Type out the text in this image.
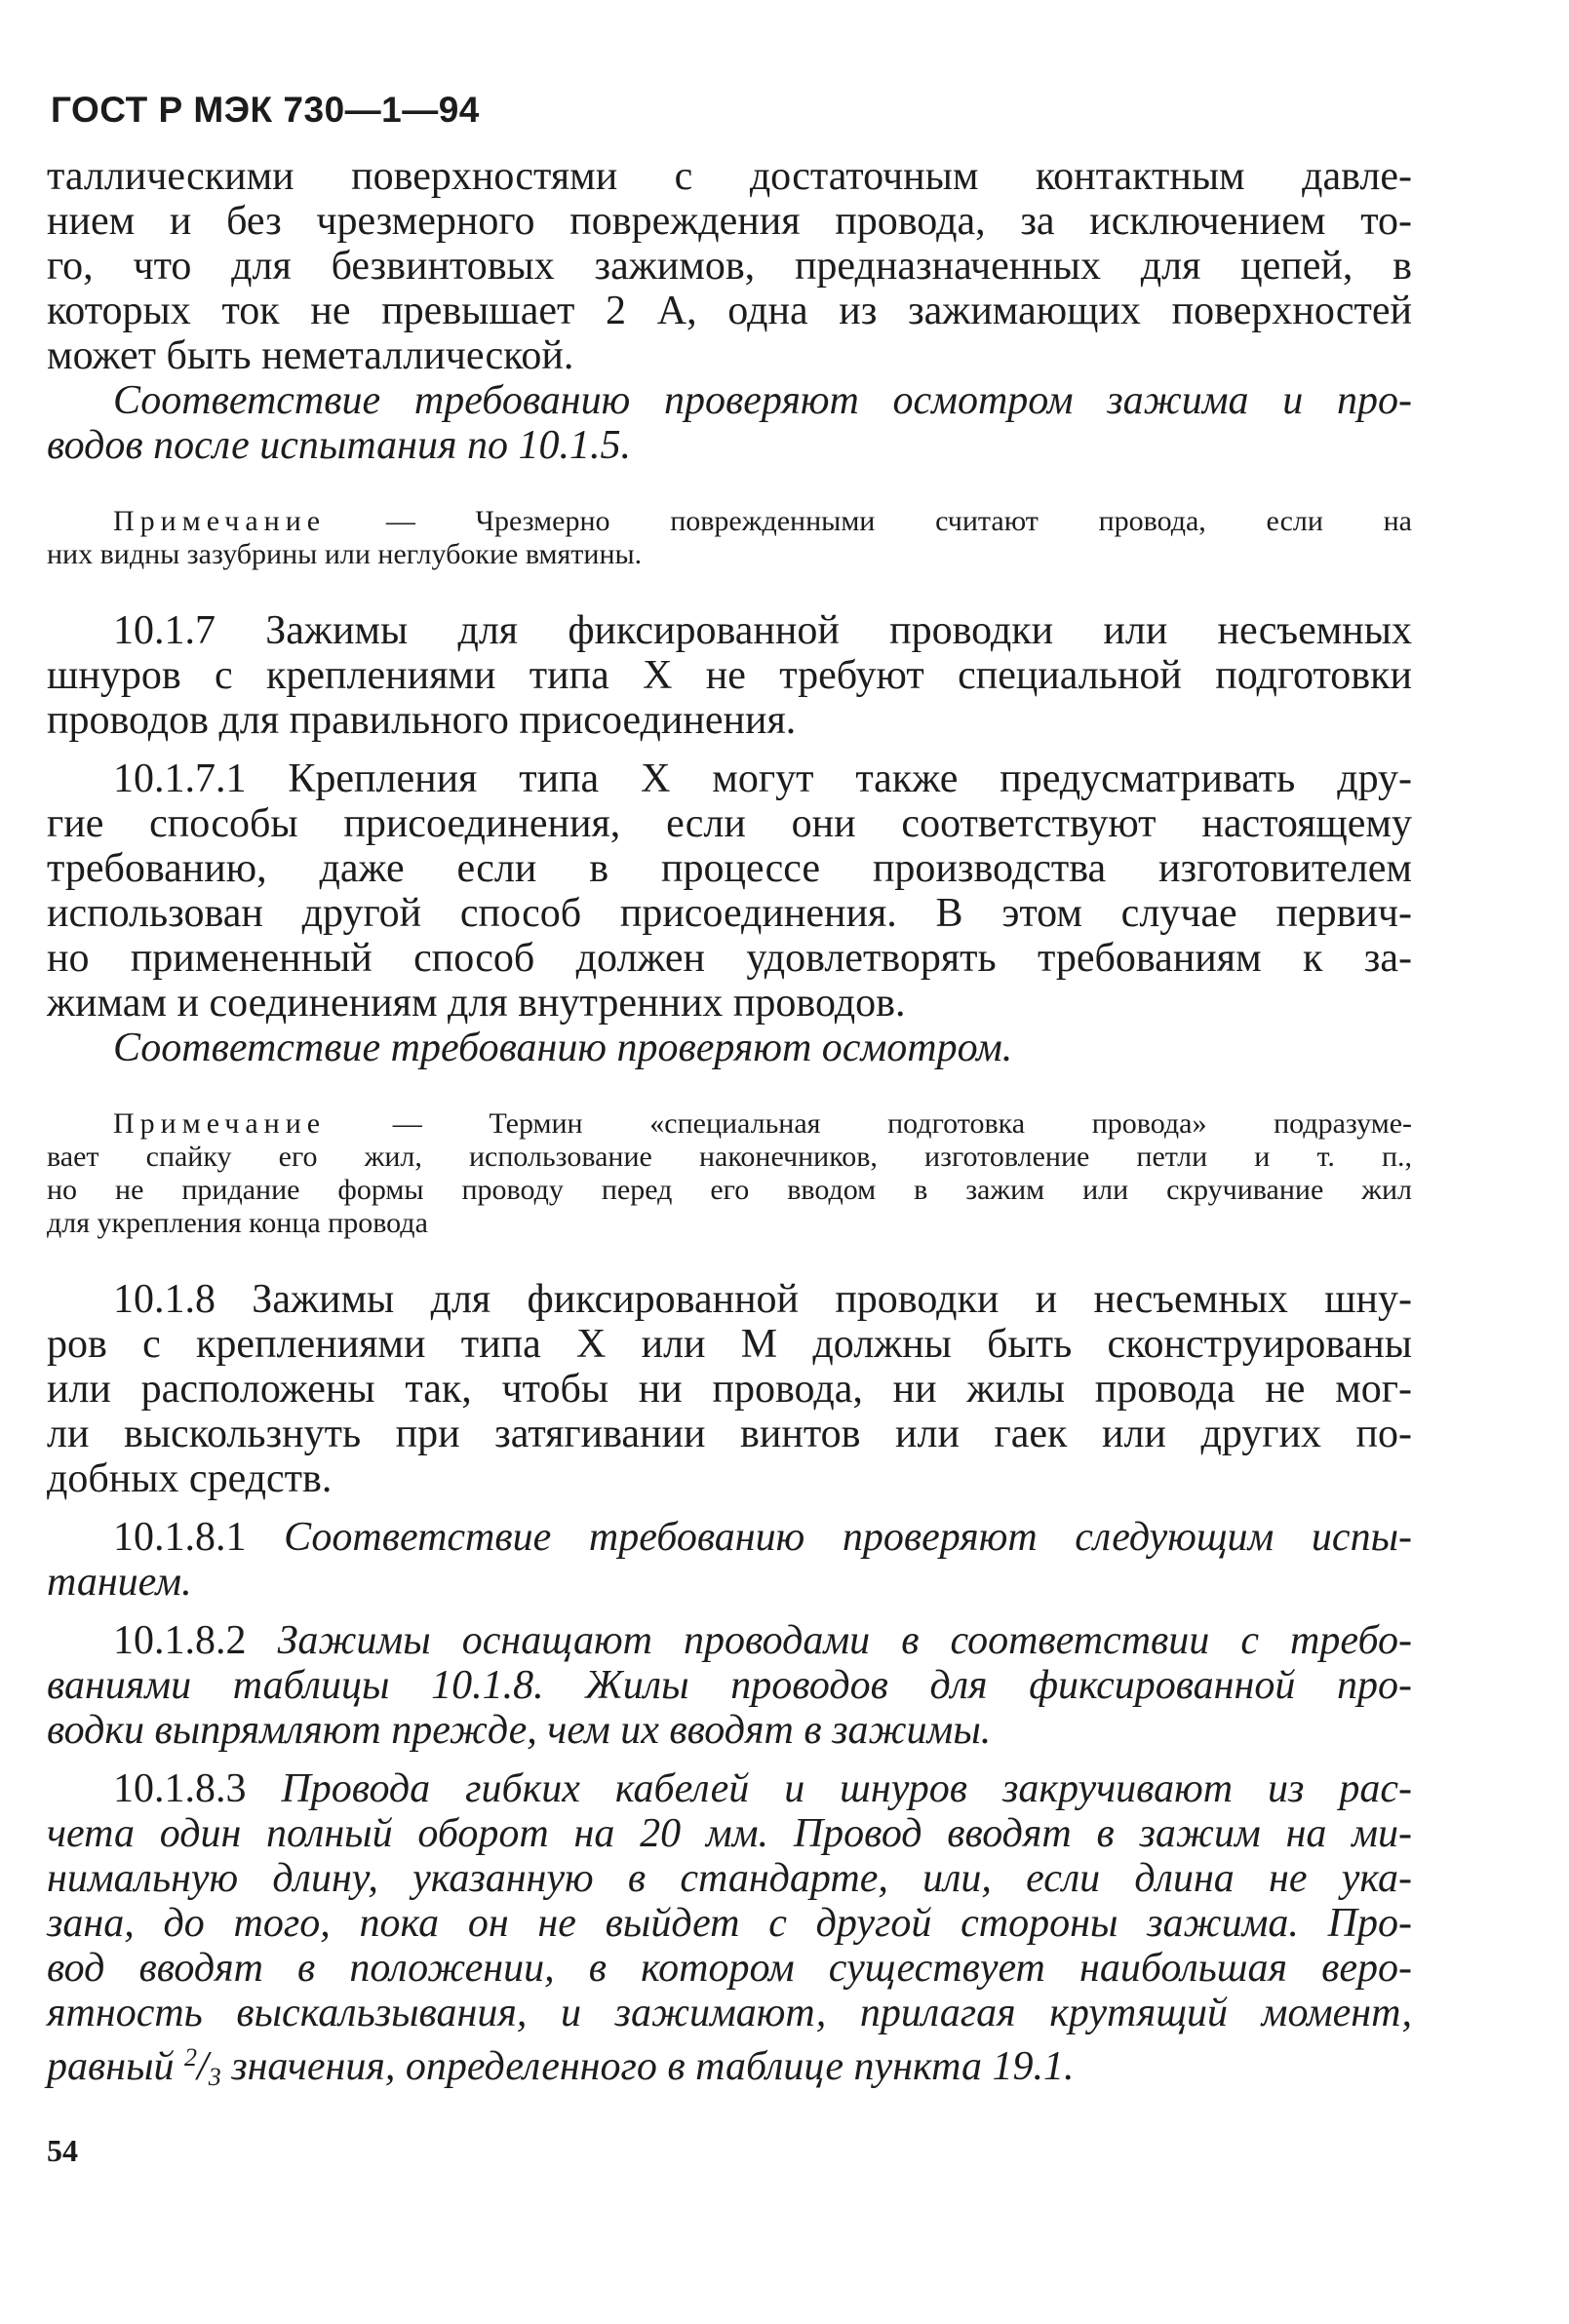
ГОСТ Р МЭК 730—1—94
таллическими поверхностями с достаточным контактным давле-
нием и без чрезмерного повреждения провода, за исключением то-
го, что для безвинтовых зажимов, предназначенных для цепей, в
которых ток не превышает 2 А, одна из зажимающих поверхностей
может быть неметаллической.
Соответствие требованию проверяют осмотром зажима и про-
водов после испытания по 10.1.5.
Примечание — Чрезмерно поврежденными считают провода, если на
них видны зазубрины или неглубокие вмятины.
10.1.7 Зажимы для фиксированной проводки или несъемных
шнуров с креплениями типа X не требуют специальной подготовки
проводов для правильного присоединения.
10.1.7.1 Крепления типа X могут также предусматривать дру-
гие способы присоединения, если они соответствуют настоящему
требованию, даже если в процессе производства изготовителем
использован другой способ присоединения. В этом случае первич-
но примененный способ должен удовлетворять требованиям к за-
жимам и соединениям для внутренних проводов.
Соответствие требованию проверяют осмотром.
Примечание — Термин «специальная подготовка провода» подразуме-
вает спайку его жил, использование наконечников, изготовление петли и т. п.,
но не придание формы проводу перед его вводом в зажим или скручивание жил
для укрепления конца провода
10.1.8 Зажимы для фиксированной проводки и несъемных шну-
ров с креплениями типа X или M должны быть сконструированы
или расположены так, чтобы ни провода, ни жилы провода не мог-
ли выскользнуть при затягивании винтов или гаек или других по-
добных средств.
10.1.8.1 Соответствие требованию проверяют следующим испы-
танием.
10.1.8.2 Зажимы оснащают проводами в соответствии с требо-
ваниями таблицы 10.1.8. Жилы проводов для фиксированной про-
водки выпрямляют прежде, чем их вводят в зажимы.
10.1.8.3 Провода гибких кабелей и шнуров закручивают из рас-
чета один полный оборот на 20 мм. Провод вводят в зажим на ми-
нимальную длину, указанную в стандарте, или, если длина не ука-
зана, до того, пока он не выйдет с другой стороны зажима. Про-
вод вводят в положении, в котором существует наибольшая веро-
ятность выскальзывания, и зажимают, прилагая крутящий момент,
равный $^2/_3$ значения, определенного в таблице пункта 19.1.
54
